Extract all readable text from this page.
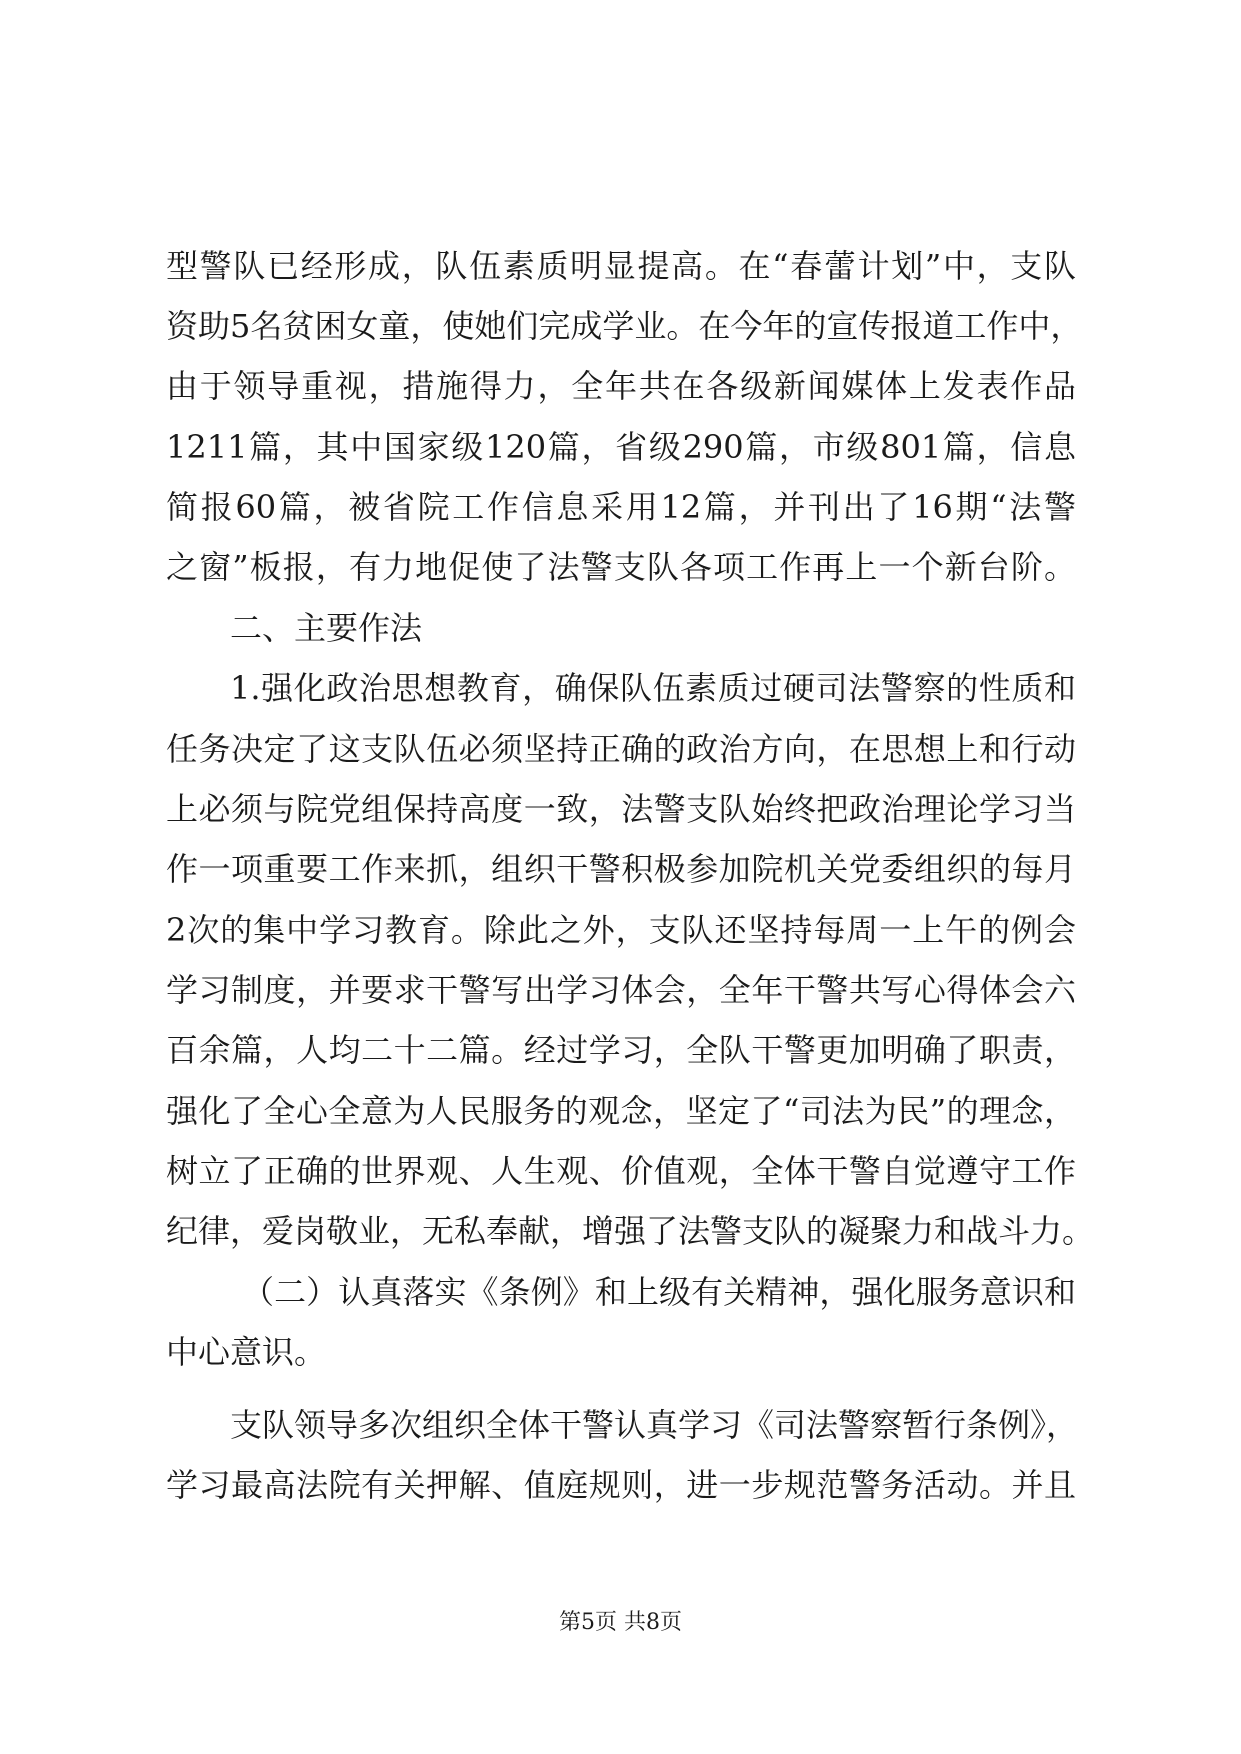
型警队已经形成，队伍素质明显提高。在“春蕾计划”中，支队
资助5名贫困女童，使她们完成学业。在今年的宣传报道工作中，
由于领导重视，措施得力，全年共在各级新闻媒体上发表作品
1211篇，其中国家级120篇，省级290篇，市级801篇，信息
简报60篇，被省院工作信息采用12篇，并刊出了16期“法警
之窗”板报，有力地促使了法警支队各项工作再上一个新台阶。
二、主要作法
1.强化政治思想教育，确保队伍素质过硬司法警察的性质和
任务决定了这支队伍必须坚持正确的政治方向，在思想上和行动
上必须与院党组保持高度一致，法警支队始终把政治理论学习当
作一项重要工作来抓，组织干警积极参加院机关党委组织的每月
2次的集中学习教育。除此之外，支队还坚持每周一上午的例会
学习制度，并要求干警写出学习体会，全年干警共写心得体会六
百余篇，人均二十二篇。经过学习，全队干警更加明确了职责，
强化了全心全意为人民服务的观念，坚定了“司法为民”的理念，
树立了正确的世界观、人生观、价值观，全体干警自觉遵守工作
纪律，爱岗敬业，无私奉献，增强了法警支队的凝聚力和战斗力。
（二）认真落实《条例》和上级有关精神，强化服务意识和
中心意识。
支队领导多次组织全体干警认真学习《司法警察暂行条例》，
学习最高法院有关押解、值庭规则，进一步规范警务活动。并且
第5页 共8页
